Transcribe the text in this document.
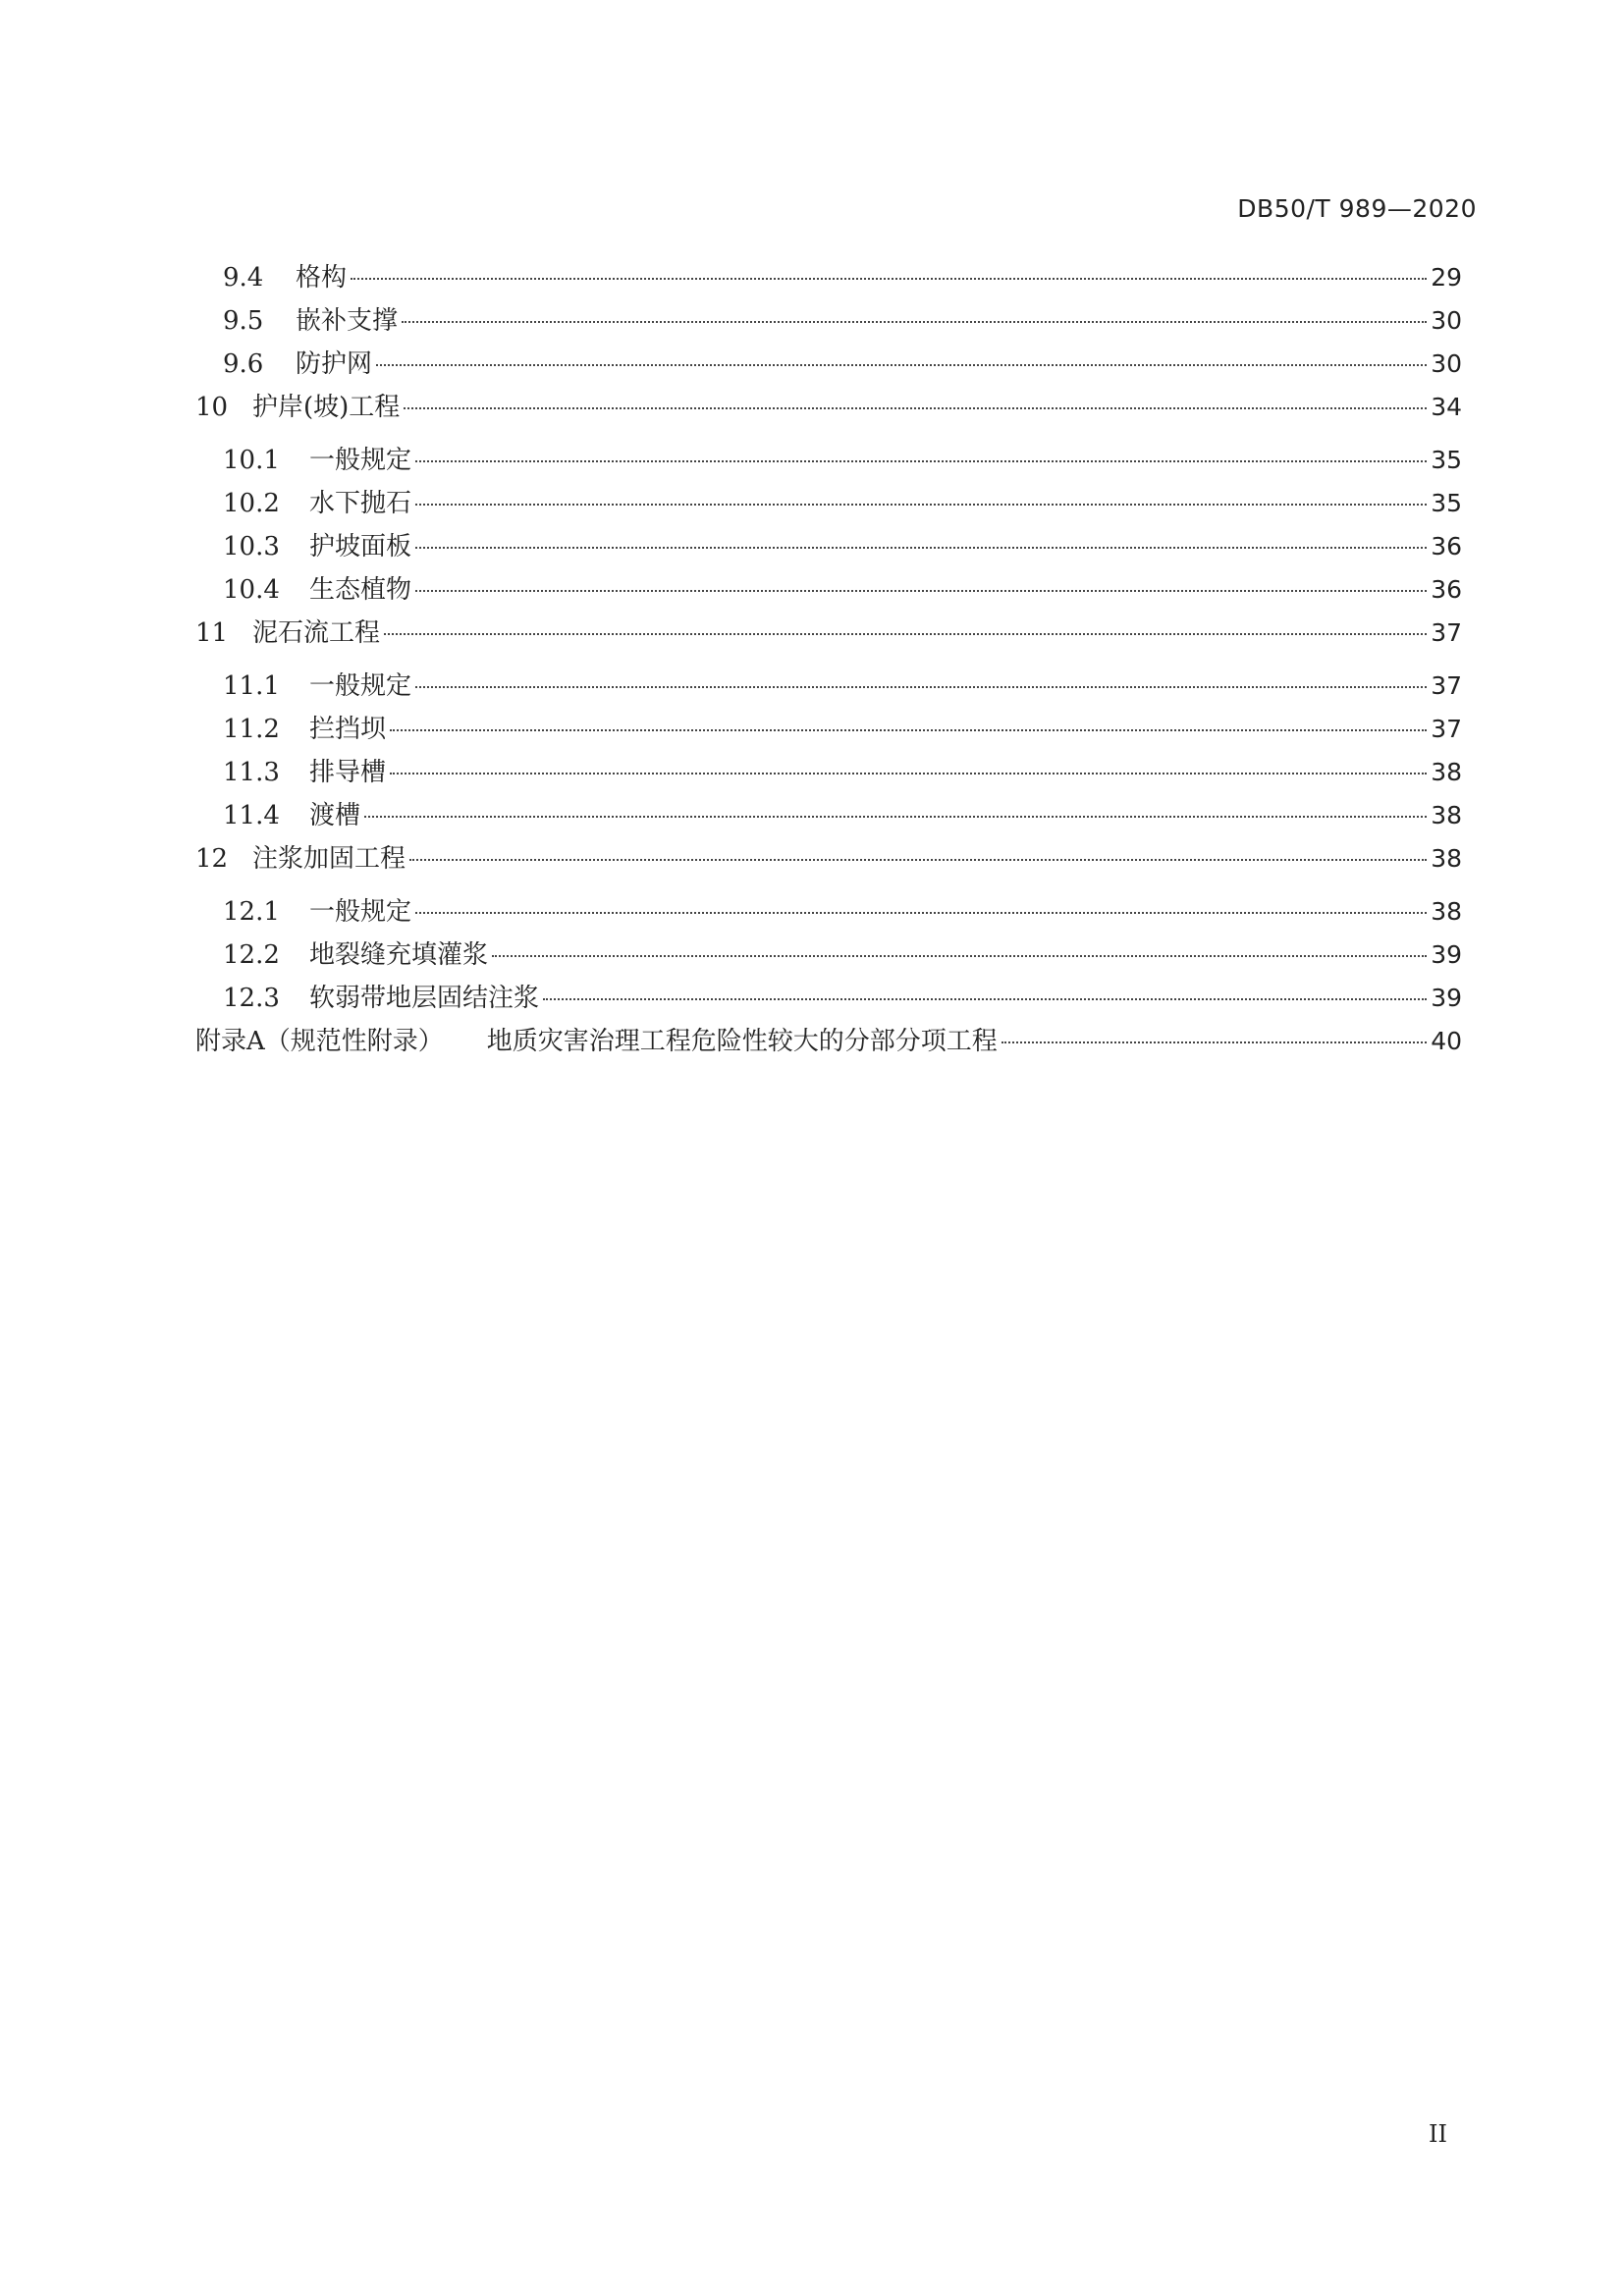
DB50/T 989—2020
9.4	格构	29
9.5	嵌补支撑	30
9.6	防护网	30
10 护岸(坡)工程	34
10.1	一般规定	35
10.2	水下抛石	35
10.3	护坡面板	36
10.4	生态植物	36
11 泥石流工程	37
11.1	一般规定	37
11.2	拦挡坝	37
11.3	排导槽	38
11.4	渡槽	38
12 注浆加固工程	38
12.1	一般规定	38
12.2	地裂缝充填灌浆	39
12.3	软弱带地层固结注浆	39
附录A（规范性附录） 地质灾害治理工程危险性较大的分部分项工程	40
II
